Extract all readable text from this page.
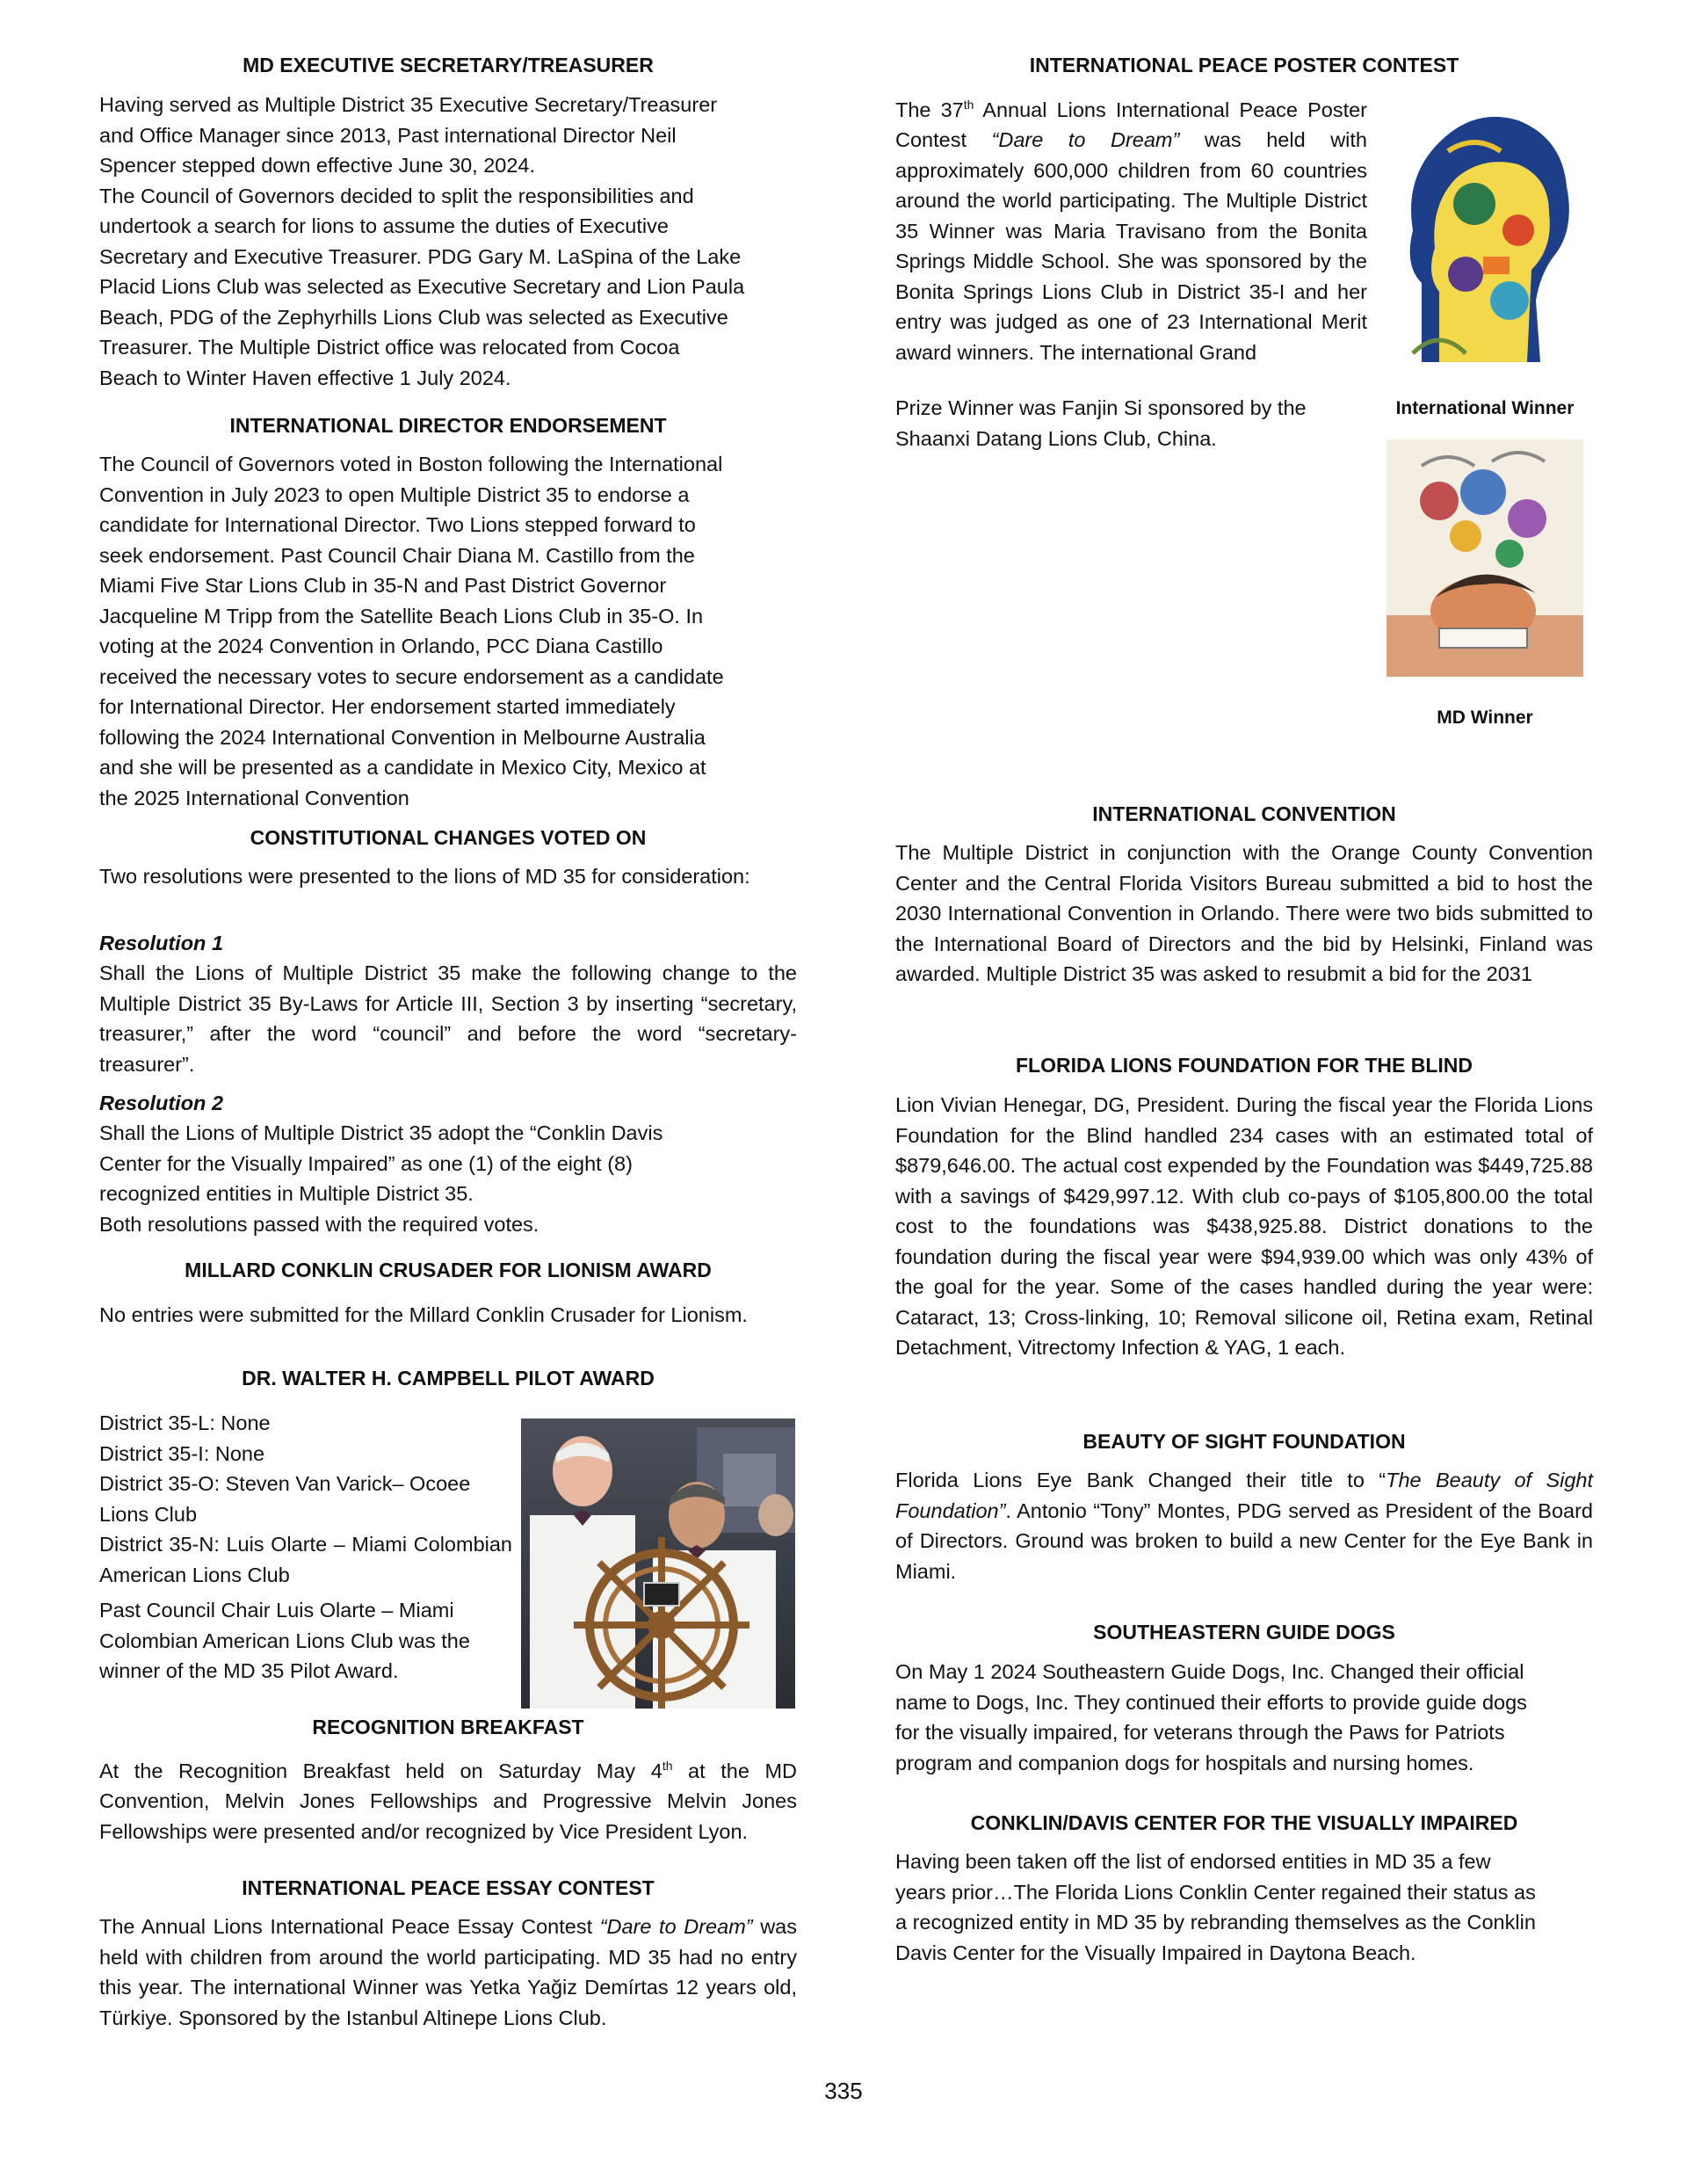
MD EXECUTIVE SECRETARY/TREASURER
Having served as Multiple District 35 Executive Secretary/Treasurer
and Office Manager since 2013, Past international Director Neil
Spencer stepped down effective June 30, 2024.
The Council of Governors decided to split the responsibilities and
undertook a search for lions to assume the duties of Executive
Secretary and Executive Treasurer. PDG Gary M. LaSpina of the Lake
Placid Lions Club was selected as Executive Secretary and Lion Paula
Beach, PDG of the Zephyrhills Lions Club was selected as Executive
Treasurer. The Multiple District office was relocated from Cocoa
Beach to Winter Haven effective 1 July 2024.
INTERNATIONAL DIRECTOR ENDORSEMENT
The Council of Governors voted in Boston following the International
Convention in July 2023 to open Multiple District 35 to endorse a
candidate for International Director. Two Lions stepped forward to
seek endorsement. Past Council Chair Diana M. Castillo from the
Miami Five Star Lions Club in 35-N and Past District Governor
Jacqueline M Tripp from the Satellite Beach Lions Club in 35-O. In
voting at the 2024 Convention in Orlando, PCC Diana Castillo
received the necessary votes to secure endorsement as a candidate
for International Director. Her endorsement started immediately
following the 2024 International Convention in Melbourne Australia
and she will be presented as a candidate in Mexico City, Mexico at
the 2025 International Convention
CONSTITUTIONAL CHANGES VOTED ON
Two resolutions were presented to the lions of MD 35 for consideration:
Resolution 1
Shall the Lions of Multiple District 35 make the following change to the Multiple District 35 By-Laws for Article III, Section 3 by inserting “secretary, treasurer,” after the word “council” and before the word “secretary-treasurer”.
Resolution 2
Shall the Lions of Multiple District 35 adopt the “Conklin Davis
Center for the Visually Impaired” as one (1) of the eight (8)
recognized entities in Multiple District 35.
Both resolutions passed with the required votes.
MILLARD CONKLIN CRUSADER FOR LIONISM AWARD
No entries were submitted for the Millard Conklin Crusader for Lionism.
DR. WALTER H. CAMPBELL PILOT AWARD
District 35-L: None
District 35-I: None
District 35-O: Steven Van Varick– Ocoee
Lions Club
District 35-N: Luis Olarte – Miami Colombian American Lions Club
Past Council Chair Luis Olarte – Miami Colombian American Lions Club was the winner of the MD 35 Pilot Award.
RECOGNITION BREAKFAST
At the Recognition Breakfast held on Saturday May 4th at the MD Convention, Melvin Jones Fellowships and Progressive Melvin Jones Fellowships were presented and/or recognized by Vice President Lyon.
INTERNATIONAL PEACE ESSAY CONTEST
The Annual Lions International Peace Essay Contest “Dare to Dream” was held with children from around the world participating. MD 35 had no entry this year. The international Winner was Yetka Yağiz Demírtas 12 years old, Türkiye. Sponsored by the Istanbul Altinepe Lions Club.
INTERNATIONAL PEACE POSTER CONTEST
The 37th Annual Lions International Peace Poster Contest “Dare to Dream” was held with approximately 600,000 children from 60 countries around the world participating. The Multiple District 35 Winner was Maria Travisano from the Bonita Springs Middle School. She was sponsored by the Bonita Springs Lions Club in District 35-I and her entry was judged as one of 23 International Merit award winners. The international Grand
Prize Winner was Fanjin Si sponsored by the
Shaanxi Datang Lions Club, China.
INTERNATIONAL CONVENTION
The Multiple District in conjunction with the Orange County Convention Center and the Central Florida Visitors Bureau submitted a bid to host the 2030 International Convention in Orlando. There were two bids submitted to the International Board of Directors and the bid by Helsinki, Finland was awarded. Multiple District 35 was asked to resubmit a bid for the 2031
FLORIDA LIONS FOUNDATION FOR THE BLIND
Lion Vivian Henegar, DG, President. During the fiscal year the Florida Lions Foundation for the Blind handled 234 cases with an estimated total of $879,646.00. The actual cost expended by the Foundation was $449,725.88 with a savings of $429,997.12. With club co-pays of $105,800.00 the total cost to the foundations was $438,925.88. District donations to the foundation during the fiscal year were $94,939.00 which was only 43% of the goal for the year. Some of the cases handled during the year were: Cataract, 13; Cross-linking, 10; Removal silicone oil, Retina exam, Retinal Detachment, Vitrectomy Infection & YAG, 1 each.
BEAUTY OF SIGHT FOUNDATION
Florida Lions Eye Bank Changed their title to “The Beauty of Sight Foundation”. Antonio “Tony” Montes, PDG served as President of the Board of Directors. Ground was broken to build a new Center for the Eye Bank in Miami.
SOUTHEASTERN GUIDE DOGS
On May 1 2024 Southeastern Guide Dogs, Inc. Changed their official
name to Dogs, Inc. They continued their efforts to provide guide dogs
for the visually impaired, for veterans through the Paws for Patriots
program and companion dogs for hospitals and nursing homes.
CONKLIN/DAVIS CENTER FOR THE VISUALLY IMPAIRED
Having been taken off the list of endorsed entities in MD 35 a few
years prior…The Florida Lions Conklin Center regained their status as
a recognized entity in MD 35 by rebranding themselves as the Conklin
Davis Center for the Visually Impaired in Daytona Beach.
International Winner
MD Winner
335
